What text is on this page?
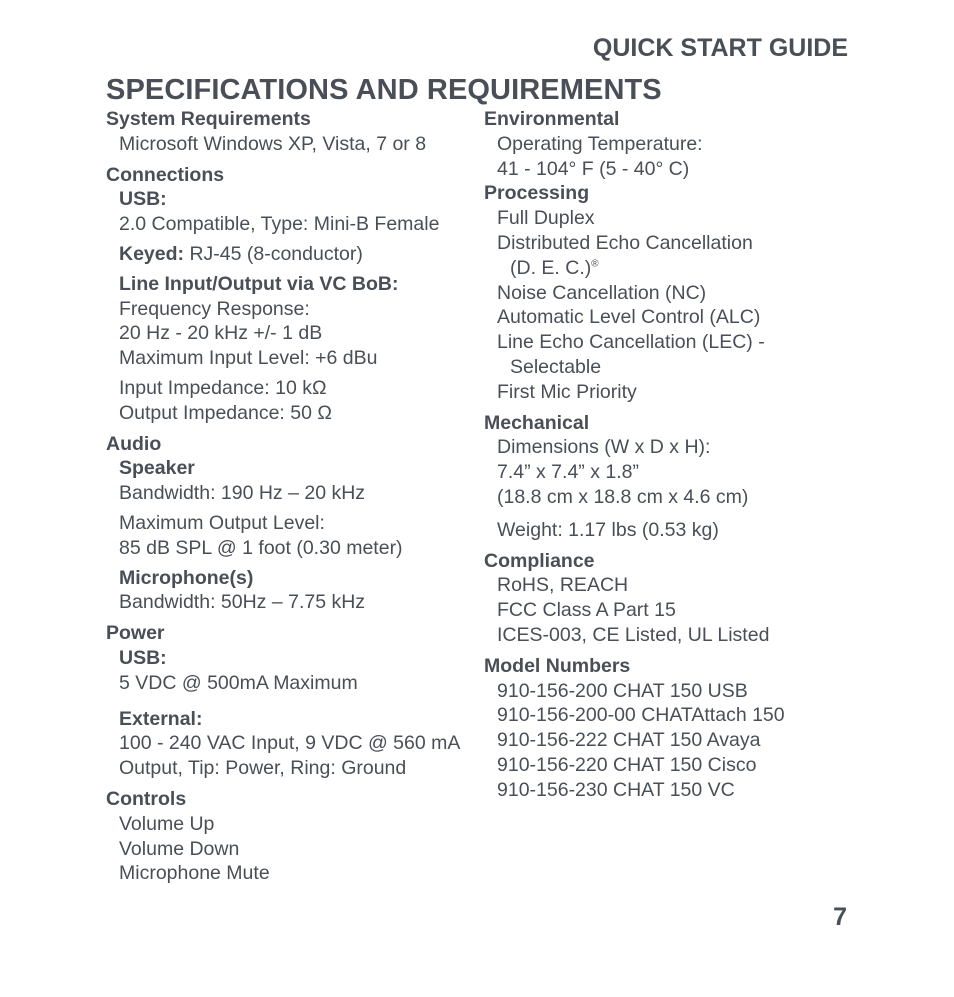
QUICK START GUIDE
SPECIFICATIONS AND REQUIREMENTS
System Requirements
Microsoft Windows XP, Vista, 7 or 8
Connections
USB:
2.0 Compatible, Type: Mini-B Female
Keyed: RJ-45 (8-conductor)
Line Input/Output via VC BoB:
Frequency Response:
20 Hz - 20 kHz +/- 1 dB
Maximum Input Level: +6 dBu
Input Impedance: 10 kΩ
Output Impedance: 50 Ω
Audio
Speaker
Bandwidth: 190 Hz – 20 kHz
Maximum Output Level:
85 dB SPL @ 1 foot (0.30 meter)
Microphone(s)
Bandwidth: 50Hz – 7.75 kHz
Power
USB:
5 VDC @ 500mA Maximum
External:
100 - 240 VAC Input, 9 VDC @ 560 mA
Output, Tip: Power, Ring: Ground
Controls
Volume Up
Volume Down
Microphone Mute
Environmental
Operating Temperature:
41 - 104° F (5 - 40° C)
Processing
Full Duplex
Distributed Echo Cancellation
(D. E. C.)®
Noise Cancellation (NC)
Automatic Level Control (ALC)
Line Echo Cancellation (LEC) -
Selectable
First Mic Priority
Mechanical
Dimensions (W x D x H):
7.4” x 7.4” x 1.8”
(18.8 cm x 18.8 cm x 4.6 cm)
Weight: 1.17 lbs (0.53 kg)
Compliance
RoHS, REACH
FCC Class A Part 15
ICES-003, CE Listed, UL Listed
Model Numbers
910-156-200 CHAT 150 USB
910-156-200-00 CHATAttach 150
910-156-222 CHAT 150 Avaya
910-156-220 CHAT 150 Cisco
910-156-230 CHAT 150 VC
7
